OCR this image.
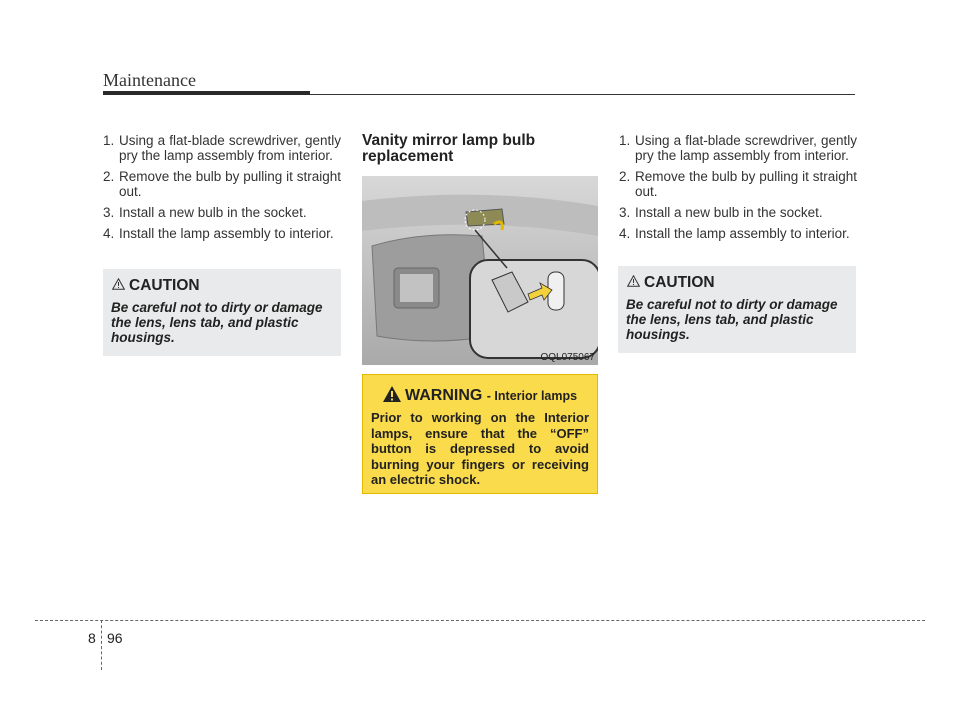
Maintenance
1. Using a flat-blade screwdriver, gently pry the lamp assembly from interior.
2. Remove the bulb by pulling it straight out.
3. Install a new bulb in the socket.
4. Install the lamp assembly to interior.
CAUTION
Be careful not to dirty or damage the lens, lens tab, and plastic housings.
Vanity mirror lamp bulb replacement
OQL075067
WARNING - Interior lamps
Prior to working on the Interior lamps, ensure that the “OFF” button is depressed to avoid burning your fingers or receiving an electric shock.
1. Using a flat-blade screwdriver, gently pry the lamp assembly from interior.
2. Remove the bulb by pulling it straight out.
3. Install a new bulb in the socket.
4. Install the lamp assembly to interior.
CAUTION
Be careful not to dirty or damage the lens, lens tab, and plastic housings.
8 96
